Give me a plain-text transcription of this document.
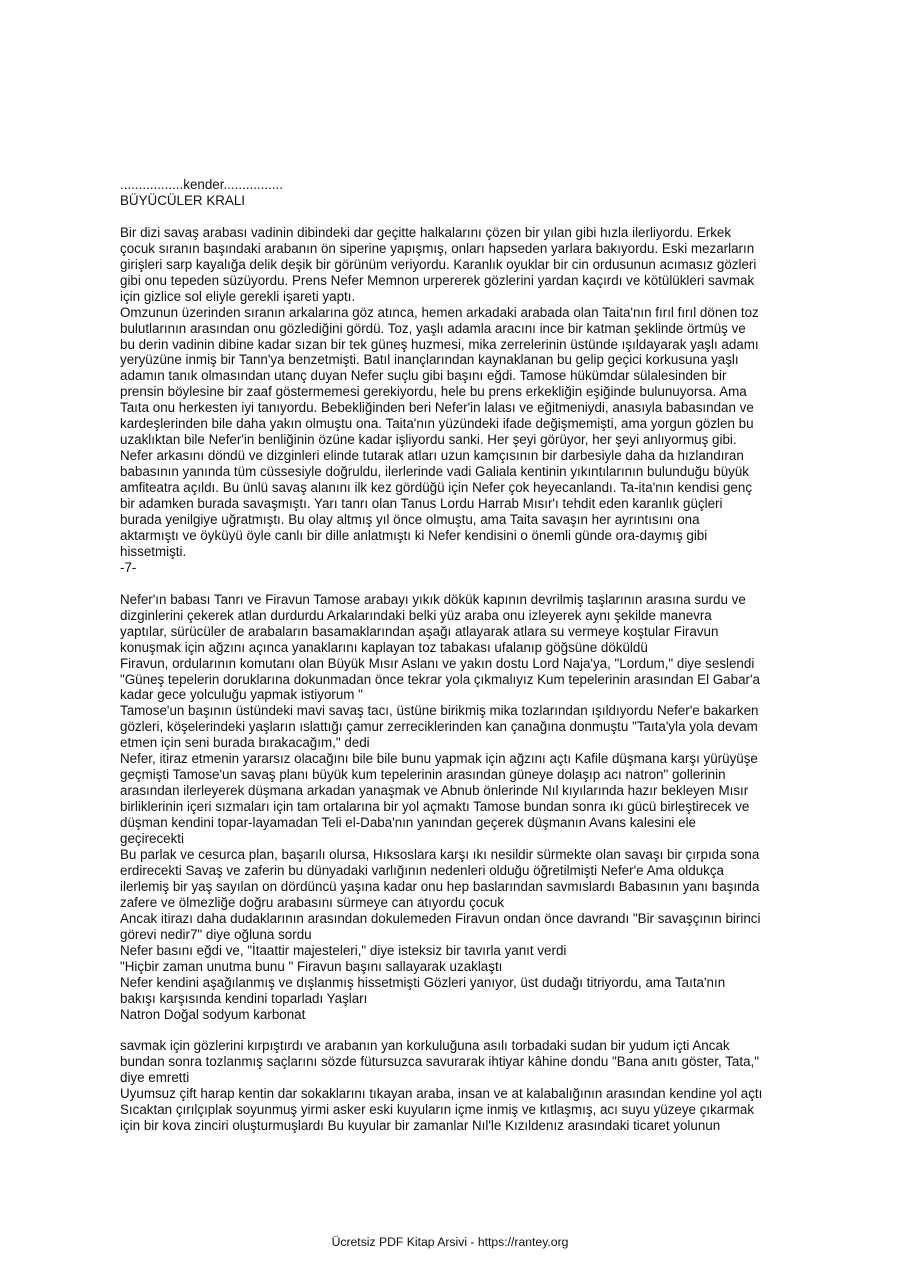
.................kender................

BÜYÜCÜLER KRALI

Bir dizi savaş arabası vadinin dibindeki dar geçitte halkalarını çözen bir yılan gibi hızla ilerliyordu. Erkek
çocuk sıranın başındaki arabanın ön siperine yapışmış, onları hapseden yarlara bakıyordu. Eski mezarların
girişleri sarp kayalığa delik deşik bir görünüm veriyordu. Karanlık oyuklar bir cin ordusunun acımasız gözleri
gibi onu tepeden süzüyordu. Prens Nefer Memnon urpererek gözlerini yardan kaçırdı ve kötülükleri savmak
için gizlice sol eliyle gerekli işareti yaptı.
Omzunun üzerinden sıranın arkalarına göz atınca, hemen arkadaki arabada olan Taita'nın fırıl fırıl dönen toz
bulutlarının arasından onu gözlediğini gördü. Toz, yaşlı adamla aracını ince bir katman şeklinde örtmüş ve
bu derin vadinin dibine kadar sızan bir tek güneş huzmesi, mika zerrelerinin üstünde ışıldayarak yaşlı adamı
yeryüzüne inmiş bir Tann'ya benzetmişti. Batıl inançlarından kaynaklanan bu gelip geçici korkusuna yaşlı
adamın tanık olmasından utanç duyan Nefer suçlu gibi başını eğdi. Tamose hükümdar sülalesinden bir
prensin böylesine bir zaaf göstermemesi gerekiyordu, hele bu prens erkekliğin eşiğinde bulunuyorsa. Ama
Taıta onu herkesten iyi tanıyordu. Bebekliğinden beri Nefer'in lalası ve eğitmeniydi, anasıyla babasından ve
kardeşlerinden bile daha yakın olmuştu ona. Taita'nın yüzündeki ifade değişmemişti, ama yorgun gözlen bu
uzaklıktan bile Nefer'in benliğinin özüne kadar işliyordu sanki. Her şeyi görüyor, her şeyi anlıyormuş gibi.
Nefer arkasını döndü ve dizginleri elinde tutarak atları uzun kamçısının bir darbesiyle daha da hızlandıran
babasının yanında tüm cüssesiyle doğruldu, ilerlerinde vadi Galiala kentinin yıkıntılarının bulunduğu büyük
amfiteatra açıldı. Bu ünlü savaş alanını ilk kez gördüğü için Nefer çok heyecanlandı. Ta-ita'nın kendisi genç
bir adamken burada savaşmıştı. Yarı tanrı olan Tanus Lordu Harrab Mısır'ı tehdit eden karanlık güçleri
burada yenilgiye uğratmıştı. Bu olay altmış yıl önce olmuştu, ama Taita savaşın her ayrıntısını ona
aktarmıştı ve öyküyü öyle canlı bir dille anlatmıştı ki Nefer kendisini o önemli günde ora-daymış gibi
hissetmişti.
-7-

Nefer'ın babası Tanrı ve Firavun Tamose arabayı yıkık dökük kapının devrilmiş taşlarının arasına surdu ve
dizginlerini çekerek atlan durdurdu Arkalarındaki belki yüz araba onu izleyerek aynı şekilde manevra
yaptılar, sürücüler de arabaların basamaklarından aşağı atlayarak atlara su vermeye koştular Firavun
konuşmak için ağzını açınca yanaklarını kaplayan toz tabakası ufalanıp göğsüne döküldü
Firavun, ordularının komutanı olan Büyük Mısır Aslanı ve yakın dostu Lord Naja'ya, "Lordum," diye seslendi
"Güneş tepelerin doruklarına dokunmadan önce tekrar yola çıkmalıyız Kum tepelerinin arasından El Gabar'a
kadar gece yolculuğu yapmak istiyorum "
Tamose'un başının üstündeki mavi savaş tacı, üstüne birikmiş mika tozlarından ışıldıyordu Nefer'e bakarken
gözleri, köşelerindeki yaşların ıslattığı çamur zerreciklerinden kan çanağına donmuştu "Taıta'yla yola devam
etmen için seni burada bırakacağım," dedi
Nefer, itiraz etmenin yararsız olacağını bile bile bunu yapmak için ağzını açtı Kafile düşmana karşı yürüyüşe
geçmişti Tamose'un savaş planı büyük kum tepelerinin arasından güneye dolaşıp acı natron" gollerinin
arasından ilerleyerek düşmana arkadan yanaşmak ve Abnub önlerinde Nıl kıyılarında hazır bekleyen Mısır
birliklerinin içeri sızmaları için tam ortalarına bir yol açmaktı Tamose bundan sonra ıkı gücü birleştirecek ve
düşman kendini topar-layamadan Teli el-Daba'nın yanından geçerek düşmanın Avans kalesini ele
geçirecekti
Bu parlak ve cesurca plan, başarılı olursa, Hıksoslara karşı ıkı nesildir sürmekte olan savaşı bir çırpıda sona
erdirecekti Savaş ve zaferin bu dünyadaki varlığının nedenleri olduğu öğretilmişti Nefer'e Ama oldukça
ilerlemiş bir yaş sayılan on dördüncü yaşına kadar onu hep baslarından savmıslardı Babasının yanı başında
zafere ve ölmezliğe doğru arabasını sürmeye can atıyordu çocuk
Ancak itirazı daha dudaklarının arasından dokulemeden Firavun ondan önce davrandı "Bir savaşçının birinci
görevi nedir7" diye oğluna sordu
Nefer basını eğdi ve, "İtaattir majesteleri," diye isteksiz bir tavırla yanıt verdi
"Hiçbir zaman unutma bunu " Firavun başını sallayarak uzaklaştı
Nefer kendini aşağılanmış ve dışlanmış hissetmişti Gözleri yanıyor, üst dudağı titriyordu, ama Taıta'nın
bakışı karşısında kendini toparladı Yaşları
Natron Doğal sodyum karbonat

savmak için gözlerini kırpıştırdı ve arabanın yan korkuluğuna asılı torbadaki sudan bir yudum içti Ancak
bundan sonra tozlanmış saçlarını sözde fütursuzca savurarak ihtiyar kâhine dondu "Bana anıtı göster, Tata,"
diye emretti
Uyumsuz çift harap kentin dar sokaklarını tıkayan araba, insan ve at kalabalığının arasından kendine yol açtı
Sıcaktan çırılçıplak soyunmuş yirmi asker eski kuyuların içme inmiş ve kıtlaşmış, acı suyu yüzeye çıkarmak
için bir kova zinciri oluşturmuşlardı Bu kuyular bir zamanlar Nıl'le Kızıldenız arasındaki ticaret yolunun

Ücretsiz PDF Kitap Arsivi - https://rantey.org
